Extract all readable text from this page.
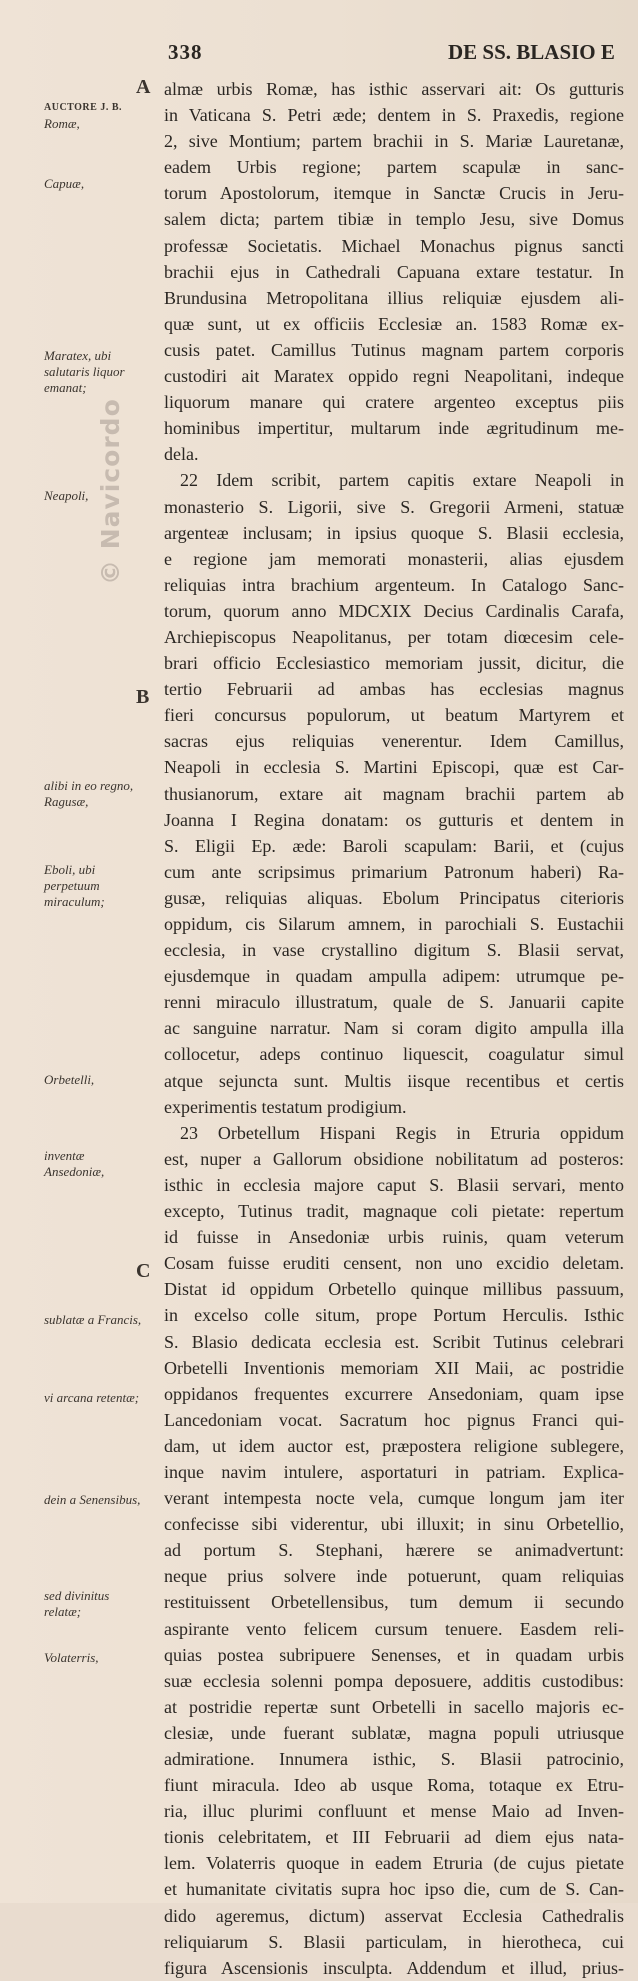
338	DE SS. BLASIO E
© Navicordo
A
B
C
AUCTORE J. B.
Romæ,
Capuæ,
Maratex, ubi salutaris liquor emanat;
Neapoli,
alibi in eo regno, Ragusæ,
Eboli, ubi perpetuum miraculum;
Orbetelli,
inventæ Ansedoniæ,
sublatæ a Francis,
vi arcana retentæ;
dein a Senensibus,
sed divinitus relatæ;
Volaterris,
almæ urbis Romæ, has isthic asservari ait: Os gutturis
in Vaticana S. Petri æde; dentem in S. Praxedis, regione
2, sive Montium; partem brachii in S. Mariæ Lauretanæ,
eadem Urbis regione; partem scapulæ in sanc-
torum Apostolorum, itemque in Sanctæ Crucis in Jeru-
salem dicta; partem tibiæ in templo Jesu, sive Domus
professæ Societatis. Michael Monachus pignus sancti
brachii ejus in Cathedrali Capuana extare testatur. In
Brundusina Metropolitana illius reliquiæ ejusdem ali-
quæ sunt, ut ex officiis Ecclesiæ an. 1583 Romæ ex-
cusis patet. Camillus Tutinus magnam partem corporis
custodiri ait Maratex oppido regni Neapolitani, indeque
liquorum manare qui cratere argenteo exceptus piis
hominibus impertitur, multarum inde ægritudinum me-
dela.
22 Idem scribit, partem capitis extare Neapoli in
monasterio S. Ligorii, sive S. Gregorii Armeni, statuæ
argenteæ inclusam; in ipsius quoque S. Blasii ecclesia,
e regione jam memorati monasterii, alias ejusdem
reliquias intra brachium argenteum. In Catalogo Sanc-
torum, quorum anno MDCXIX Decius Cardinalis Carafa,
Archiepiscopus Neapolitanus, per totam diœcesim cele-
brari officio Ecclesiastico memoriam jussit, dicitur, die
tertio Februarii ad ambas has ecclesias magnus
fieri concursus populorum, ut beatum Martyrem et
sacras ejus reliquias venerentur. Idem Camillus,
Neapoli in ecclesia S. Martini Episcopi, quæ est Car-
thusianorum, extare ait magnam brachii partem ab
Joanna I Regina donatam: os gutturis et dentem in
S. Eligii Ep. æde: Baroli scapulam: Barii, et (cujus
cum ante scripsimus primarium Patronum haberi) Ra-
gusæ, reliquias aliquas. Ebolum Principatus citerioris
oppidum, cis Silarum amnem, in parochiali S. Eustachii
ecclesia, in vase crystallino digitum S. Blasii servat,
ejusdemque in quadam ampulla adipem: utrumque pe-
renni miraculo illustratum, quale de S. Januarii capite
ac sanguine narratur. Nam si coram digito ampulla illa
collocetur, adeps continuo liquescit, coagulatur simul
atque sejuncta sunt. Multis iisque recentibus et certis
experimentis testatum prodigium.
23 Orbetellum Hispani Regis in Etruria oppidum
est, nuper a Gallorum obsidione nobilitatum ad posteros:
isthic in ecclesia majore caput S. Blasii servari, mento
excepto, Tutinus tradit, magnaque coli pietate: repertum
id fuisse in Ansedoniæ urbis ruinis, quam veterum
Cosam fuisse eruditi censent, non uno excidio deletam.
Distat id oppidum Orbetello quinque millibus passuum,
in excelso colle situm, prope Portum Herculis. Isthic
S. Blasio dedicata ecclesia est. Scribit Tutinus celebrari
Orbetelli Inventionis memoriam XII Maii, ac postridie
oppidanos frequentes excurrere Ansedoniam, quam ipse
Lancedoniam vocat. Sacratum hoc pignus Franci qui-
dam, ut idem auctor est, præpostera religione sublegere,
inque navim intulere, asportaturi in patriam. Explica-
verant intempesta nocte vela, cumque longum jam iter
confecisse sibi viderentur, ubi illuxit; in sinu Orbetellio,
ad portum S. Stephani, hærere se animadvertunt:
neque prius solvere inde potuerunt, quam reliquias
restituissent Orbetellensibus, tum demum ii secundo
aspirante vento felicem cursum tenuere. Easdem reli-
quias postea subripuere Senenses, et in quadam urbis
suæ ecclesia solenni pompa deposuere, additis custodibus:
at postridie repertæ sunt Orbetelli in sacello majoris ec-
clesiæ, unde fuerant sublatæ, magna populi utriusque
admiratione. Innumera isthic, S. Blasii patrocinio,
fiunt miracula. Ideo ab usque Roma, totaque ex Etru-
ria, illuc plurimi confluunt et mense Maio ad Inven-
tionis celebritatem, et III Februarii ad diem ejus nata-
lem. Volaterris quoque in eadem Etruria (de cujus pietate
et humanitate civitatis supra hoc ipso die, cum de S. Can-
dido ageremus, dictum) asservat Ecclesia Cathedralis
reliquiarum S. Blasii particulam, in hierotheca, cui
figura Ascensionis insculpta. Addendum et illud, prius-
